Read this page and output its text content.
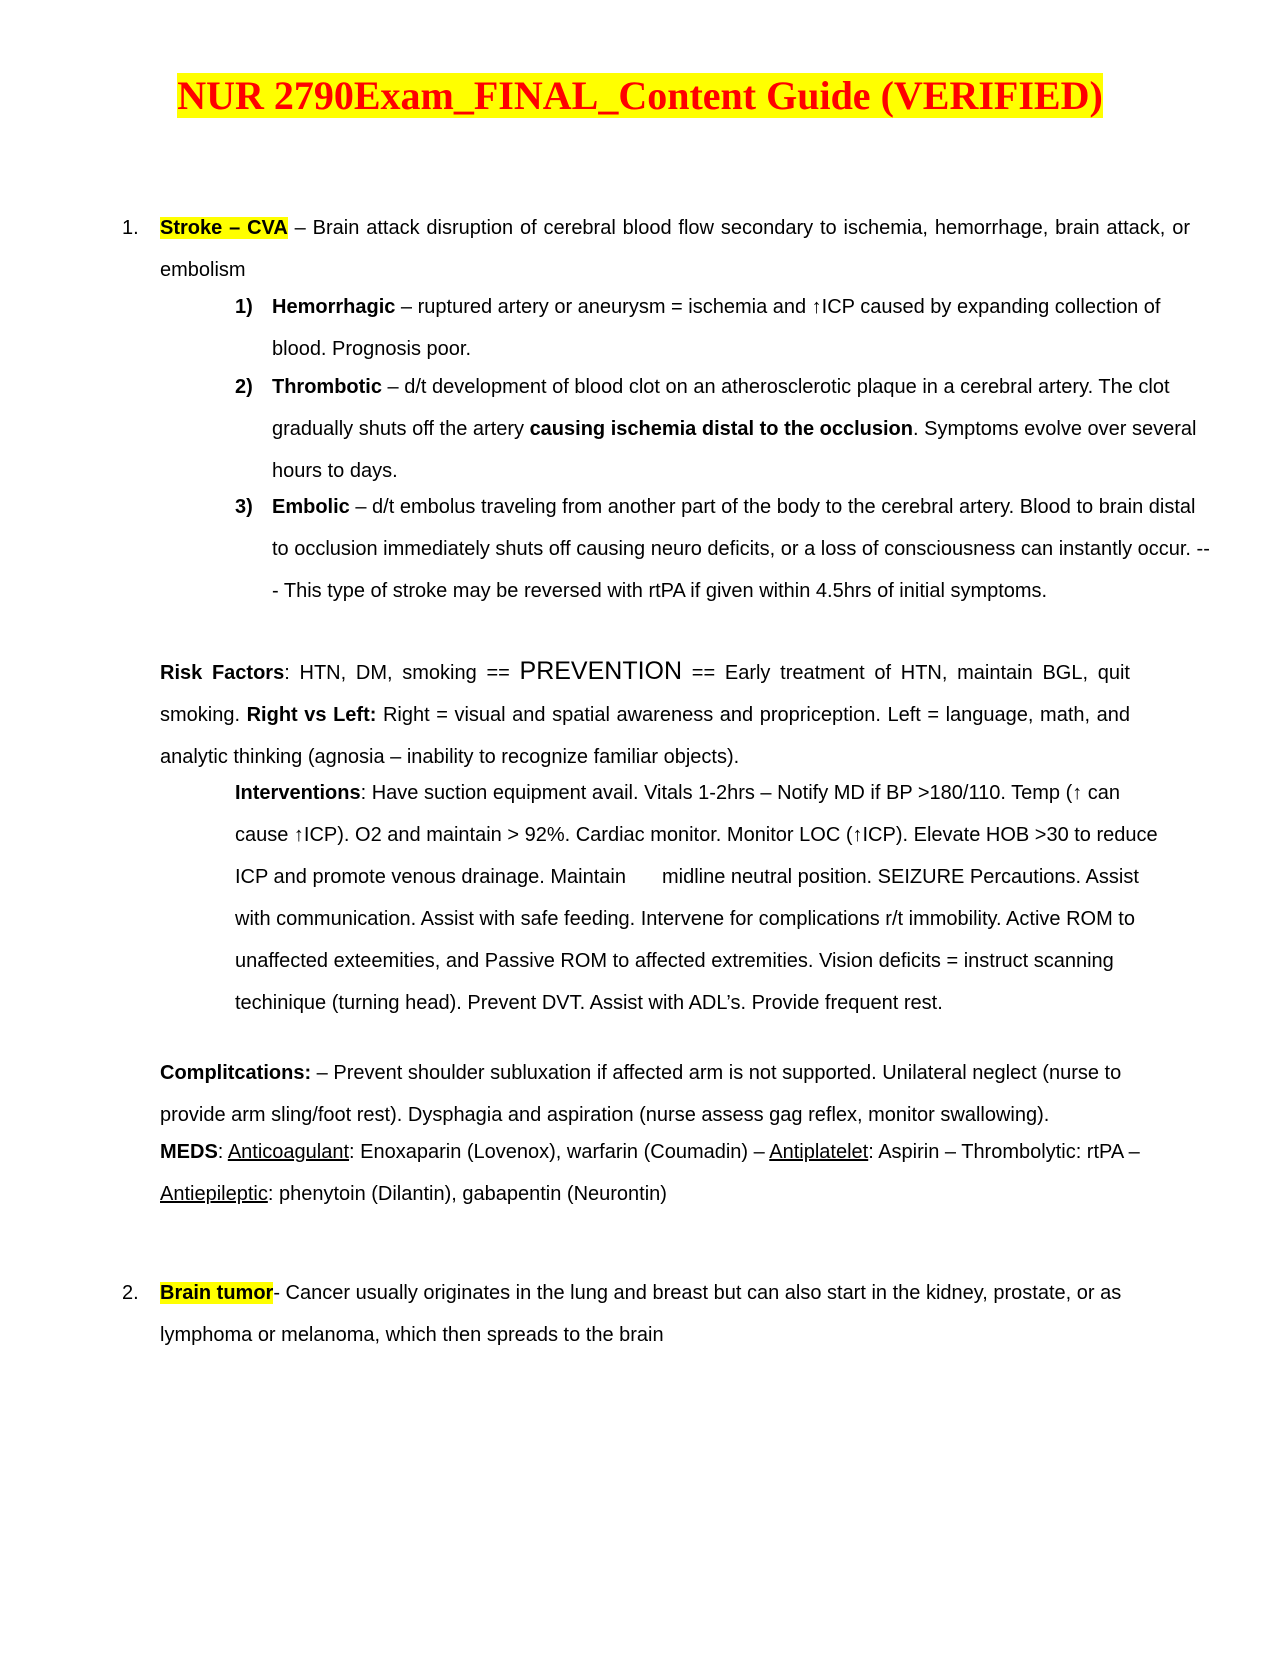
NUR 2790Exam_FINAL_Content Guide (VERIFIED)
1. Stroke – CVA – Brain attack disruption of cerebral blood flow secondary to ischemia, hemorrhage, brain attack, or embolism
1) Hemorrhagic – ruptured artery or aneurysm = ischemia and ↑ICP caused by expanding collection of blood. Prognosis poor.
2) Thrombotic – d/t development of blood clot on an atherosclerotic plaque in a cerebral artery. The clot gradually shuts off the artery causing ischemia distal to the occlusion. Symptoms evolve over several hours to days.
3) Embolic – d/t embolus traveling from another part of the body to the cerebral artery. Blood to brain distal to occlusion immediately shuts off causing neuro deficits, or a loss of consciousness can instantly occur. --- This type of stroke may be reversed with rtPA if given within 4.5hrs of initial symptoms.
Risk Factors: HTN, DM, smoking == PREVENTION == Early treatment of HTN, maintain BGL, quit smoking. Right vs Left: Right = visual and spatial awareness and propriception. Left = language, math, and analytic thinking (agnosia – inability to recognize familiar objects).
Interventions: Have suction equipment avail. Vitals 1-2hrs – Notify MD if BP >180/110. Temp (↑ can cause ↑ICP). O2 and maintain > 92%. Cardiac monitor. Monitor LOC (↑ICP). Elevate HOB >30 to reduce ICP and promote venous drainage. Maintain midline neutral position. SEIZURE Percautions. Assist with communication. Assist with safe feeding. Intervene for complications r/t immobility. Active ROM to unaffected exteemities, and Passive ROM to affected extremities. Vision deficits = instruct scanning techinique (turning head). Prevent DVT. Assist with ADL’s. Provide frequent rest.
Complitcations: – Prevent shoulder subluxation if affected arm is not supported. Unilateral neglect (nurse to provide arm sling/foot rest). Dysphagia and aspiration (nurse assess gag reflex, monitor swallowing).
MEDS: Anticoagulant: Enoxaparin (Lovenox), warfarin (Coumadin) – Antiplatelet: Aspirin – Thrombolytic: rtPA – Antiepileptic: phenytoin (Dilantin), gabapentin (Neurontin)
2. Brain tumor- Cancer usually originates in the lung and breast but can also start in the kidney, prostate, or as lymphoma or melanoma, which then spreads to the brain
